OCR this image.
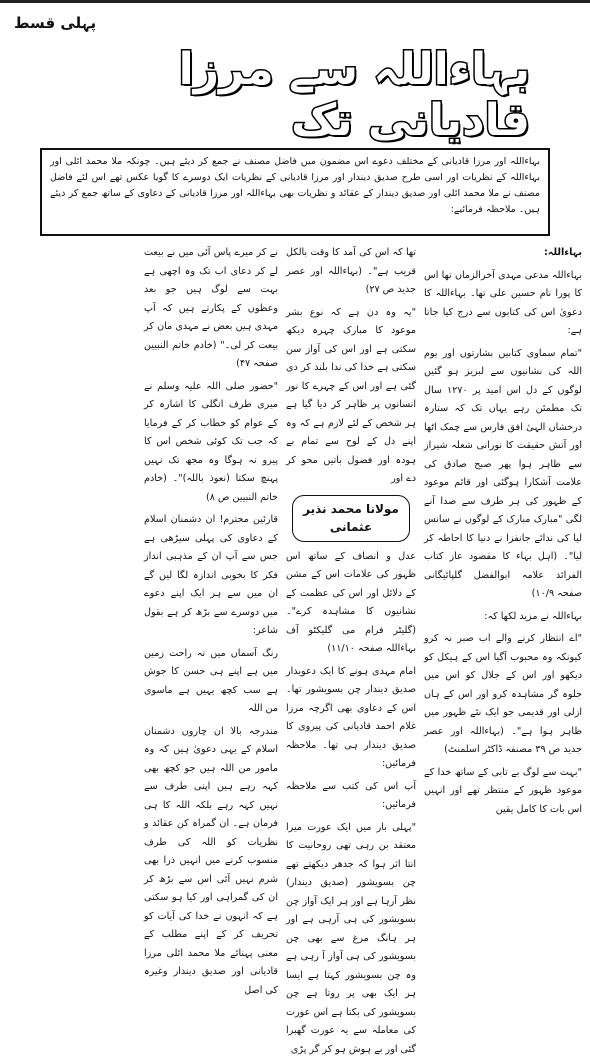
پہلی قسط
بہاءاللہ سے مرزا قادیانی تک
بہاءاللہ اور مرزا قادیانی کے مختلف دعوے اس مضمون میں فاضل مصنف نے جمع کر دیئے ہیں۔ چونکہ ملا محمد ائلی اور بہاءاللہ کے نظریات اور اسی طرح صدیق دیندار اور مرزا قادیانی کے نظریات ایک دوسرے کا گویا عکس تھے اس لئے فاضل مصنف نے ملا محمد ائلی اور صدیق دیندار کے عقائد و نظریات بھی بہاءاللہ اور مرزا قادیانی کے دعاوی کے ساتھ جمع کر دیئے ہیں۔ ملاحظہ فرمائیے:

بہاءاللہ:

بہاءاللہ مدعی مہدی آخرالزماں تھا اس کا پورا نام حسین علی تھا۔ بہاءاللہ کا دعویٰ اس کی کتابوں سے درج کیا جاتا ہے:

"تمام سماوی کتابیں بشارتوں اور یوم اللہ کی نشانیوں سے لبریز ہو گئیں لوگوں کے دل اس امید پر ۱۲۷۰ سال تک مطمئن رہے یہاں تک کہ ستارہ درخشاں الہیٰ افق فارس سے چمک اٹھا اور آتش حقیقت کا نورانی شعلہ شیراز سے ظاہر ہوا پھر صبح صادق کی علامت آشکارا ہوگئی اور قائم موعود کے ظہور کی ہر طرف سے صدا آنے لگی "مبارک مبارک کے لوگوں نے سانس لیا کی ندائے جانفزا نے دنیا کا احاطہ کر لیا"۔ (اہل بہاء کا مقصود عاز کتاب الفرائد علامہ ابوالفضل گلپائیگانی صفحہ ۱۰/۹)

بہاءاللہ نے مزید لکھا کہ:

"اے انتظار کرنے والے اب صبر نہ کرو کیونکہ وہ محبوب آگیا اس کے ہیکل کو دیکھو اور اس کے جلال کو اس میں جلوہ گر مشاہدہ کرو اور اس کے ہاں ازلی اور قدیمی جو ایک نئے ظہور میں ظاہر ہوا ہے"۔ (بہاءاللہ اور عصر جدید ص ۳۹ مصنفہ ڈاکٹر اسلمنٹ)

"بہت سے لوگ بے تابی کے ساتھ خدا کے موعود ظہور کے منتظر تھے اور انہیں اس بات کا کامل یقین

تھا کہ اس کی آمد کا وقت بالکل قریب ہے"۔ (بہاءاللہ اور عصر جدید ص ۲۷)

"یہ وہ دن ہے کہ نوع بشر موعود کا مبارک چہرہ دیکھ سکتی ہے اور اس کی آواز سن سکتی ہے خدا کی ندا بلند کر دی گئی ہے اور اس کے چہرے کا نور انسانوں پر ظاہر کر دیا گیا ہے ہر شخص کے لئے لازم ہے کہ وہ اپنے دل کے لوح سے تمام بے ہودہ اور فضول باتیں محو کر دے اور

مولانا محمد نذیر عثمانی

عدل و انصاف کے ساتھ اس ظہور کی علامات اس کے مشن کے دلائل اور اس کی عظمت کے نشانیوں کا مشاہدہ کرے"۔ (گلیٹر فرام می گلیکٹو آف بہاءاللہ صفحہ ۱۱/۱۰)

امام مہدی ہونے کا ایک دعویدار صدیق دیندار چن بسویشور تھا۔ اس کے دعاوی بھی اگرچہ مرزا غلام احمد قادیانی کی پیروی کا صدیق دیندار ہی تھا۔ ملاحظہ فرمائیں:

آپ اس کی کتب سے ملاحظہ فرمائیں:

"پہلی بار میں ایک عورت میرا معتقد بن رہی تھی روحانیت کا انتا اثر ہوا کہ جدھر دیکھتے تھے چن بسویشور (صدیق دیندار) نظر آرہا ہے اور ہر ایک آواز چن بسویشور کی ہی آرہی ہے اور ہر ہانگ مرغ سے بھی چن بسویشور کی ہی آواز آ رہی ہے وہ چن بسویشور کہتا ہے ایسا ہر ایک بھی پر روتا ہے چن بسویشور کی بکتا ہے اس عورت کی معاملہ سے یہ عورت گھبرا گئی اور بے ہوش ہو کر گر پڑی

نے کر میرے پاس آئی میں نے بیعت لے کر دعای اب تک وہ اچھی ہے بہت سے لوگ ہیں جو بعد وعظوں کے پکارتے ہیں کہ آپ مہدی ہیں بعض نے مہدی مان کر بیعت کر لی۔" (خادم خاتم النبیین صفحہ ۴۷)

"حضور صلی اللہ علیہ وسلم نے میری طرف انگلی کا اشارہ کر کے عوام کو خطاب کر کے فرمایا کہ جب تک کوئی شخص اس کا پیرو نہ ہوگا وہ مجھ تک نہیں پہنچ سکتا (نعوذ باللہ)"۔ (خادم خاتم النبیین ص ۸)

قارئین محترم! ان دشمنان اسلام کے دعاوی کی پہلی سیڑھی ہے جس سے آپ ان کے مذہبی انداز فکر کا بخوبی اندازہ لگا لیں گے ان میں سے ہر ایک اپنے دعوے میں دوسرے سے بڑھ کر ہے بقول شاعر:

رنگ آسماں میں نہ راحت زمین میں ہے اپنے ہی حسن کا جوش ہے سب کچھ یہیں ہے ماسوی من اللہ

مندرجہ بالا ان چاروں دشمنان اسلام کے یہی دعویٰ ہیں کہ وہ مامور من اللہ ہیں جو کچھ بھی کہہ رہے ہیں اپنی طرف سے نہیں کہہ رہے بلکہ اللہ کا ہی فرمان ہے۔ ان گمراہ کن عقائد و نظریات کو اللہ کی طرف منسوب کرنے میں انہیں ذرا بھی شرم نہیں آئی اس سے بڑھ کر ان کی گمراہی اور کیا ہو سکتی ہے کہ انہوں نے خدا کی آیات کو تحریف کر کے اپنے مطلب کے معنی پہنائے ملا محمد ائلی مرزا قادیانی اور صدیق دیندار وغیرہ کی اصل
